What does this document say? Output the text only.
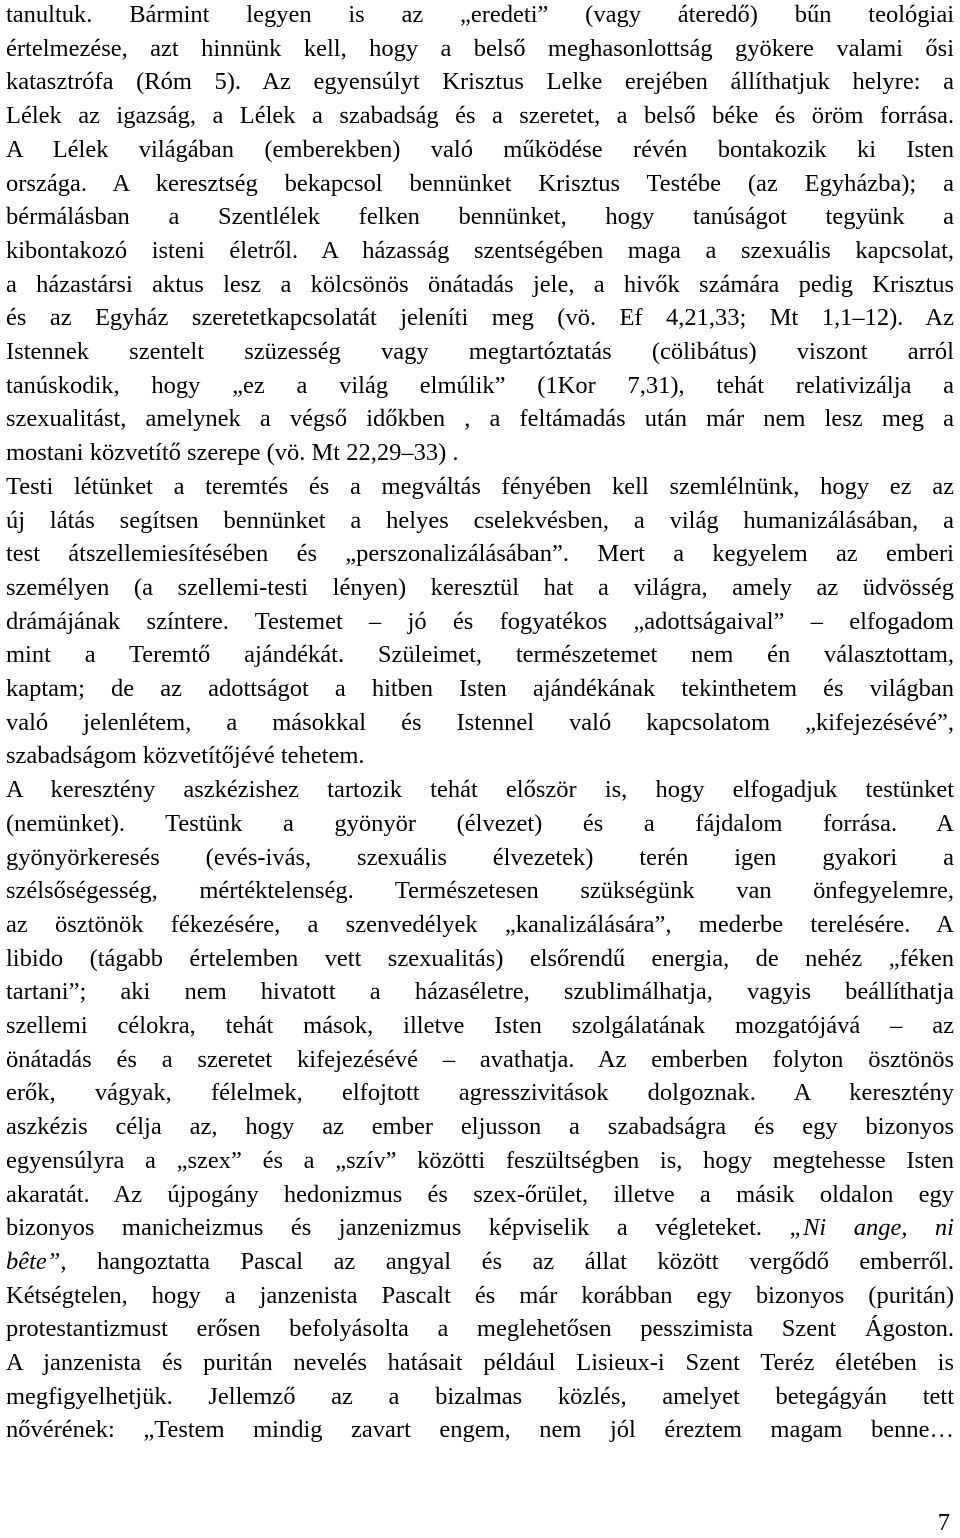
tanultuk. Bármint legyen is az „eredeti” (vagy áteredő) bűn teológiai
értelmezése, azt hinnünk kell, hogy a belső meghasonlottság gyökere valami ősi
katasztrófa (Róm 5). Az egyensúlyt Krisztus Lelke erejében állíthatjuk helyre: a
Lélek az igazság, a Lélek a szabadság és a szeretet, a belső béke és öröm forrása.
A Lélek világában (emberekben) való működése révén bontakozik ki Isten
országa. A keresztség bekapcsol bennünket Krisztus Testébe (az Egyházba); a
bérmálásban a Szentlélek felken bennünket, hogy tanúságot tegyünk a
kibontakozó isteni életről. A házasság szentségében maga a szexuális kapcsolat,
a házastársi aktus lesz a kölcsönös önátadás jele, a hivők számára pedig Krisztus
és az Egyház szeretetkapcsolatát jeleníti meg (vö. Ef 4,21,33; Mt 1,1–12). Az
Istennek szentelt szüzesség vagy megtartóztatás (cölibátus) viszont arról
tanúskodik, hogy „ez a világ elmúlik” (1Kor 7,31), tehát relativizálja a
szexualitást, amelynek a végső időkben , a feltámadás után már nem lesz meg a
mostani közvetítő szerepe (vö. Mt 22,29–33) .
Testi létünket a teremtés és a megváltás fényében kell szemlélnünk, hogy ez az
új látás segítsen bennünket a helyes cselekvésben, a világ humanizálásában, a
test átszellemiesítésében és „perszonalizálásában”. Mert a kegyelem az emberi
személyen (a szellemi-testi lényen) keresztül hat a világra, amely az üdvösség
drámájának színtere. Testemet – jó és fogyatékos „adottságaival” – elfogadom
mint a Teremtő ajándékát. Szüleimet, természetemet nem én választottam,
kaptam; de az adottságot a hitben Isten ajándékának tekinthetem és világban
való jelenlétem, a másokkal és Istennel való kapcsolatom „kifejezésévé”,
szabadságom közvetítőjévé tehetem.
A keresztény aszkézishez tartozik tehát először is, hogy elfogadjuk testünket
(nemünket). Testünk a gyönyör (élvezet) és a fájdalom forrása. A
gyönyörkeresés (evés-ivás, szexuális élvezetek) terén igen gyakori a
szélsőségesség, mértéktelenség. Természetesen szükségünk van önfegyelemre,
az ösztönök fékezésére, a szenvedélyek „kanalizálására”, mederbe terelésére. A
libido (tágabb értelemben vett szexualitás) elsőrendű energia, de nehéz „féken
tartani”; aki nem hivatott a házaséletre, szublimálhatja, vagyis beállíthatja
szellemi célokra, tehát mások, illetve Isten szolgálatának mozgatójává – az
önátadás és a szeretet kifejezésévé – avathatja. Az emberben folyton ösztönös
erők, vágyak, félelmek, elfojtott agresszivitások dolgoznak. A keresztény
aszkézis célja az, hogy az ember eljusson a szabadságra és egy bizonyos
egyensúlyra a „szex” és a „szív” közötti feszültségben is, hogy megtehesse Isten
akaratát. Az újpogány hedonizmus és szex-őrület, illetve a másik oldalon egy
bizonyos manicheizmus és janzenizmus képviselik a végleteket. „Ni ange, ni
bête”, hangoztatta Pascal az angyal és az állat között vergődő emberről.
Kétségtelen, hogy a janzenista Pascalt és már korábban egy bizonyos (puritán)
protestantizmust erősen befolyásolta a meglehetősen pesszimista Szent Ágoston.
A janzenista és puritán nevelés hatásait például Lisieux-i Szent Teréz életében is
megfigyelhetjük. Jellemző az a bizalmas közlés, amelyet betegágyán tett
nővérének: „Testem mindig zavart engem, nem jól éreztem magam benne…
7
